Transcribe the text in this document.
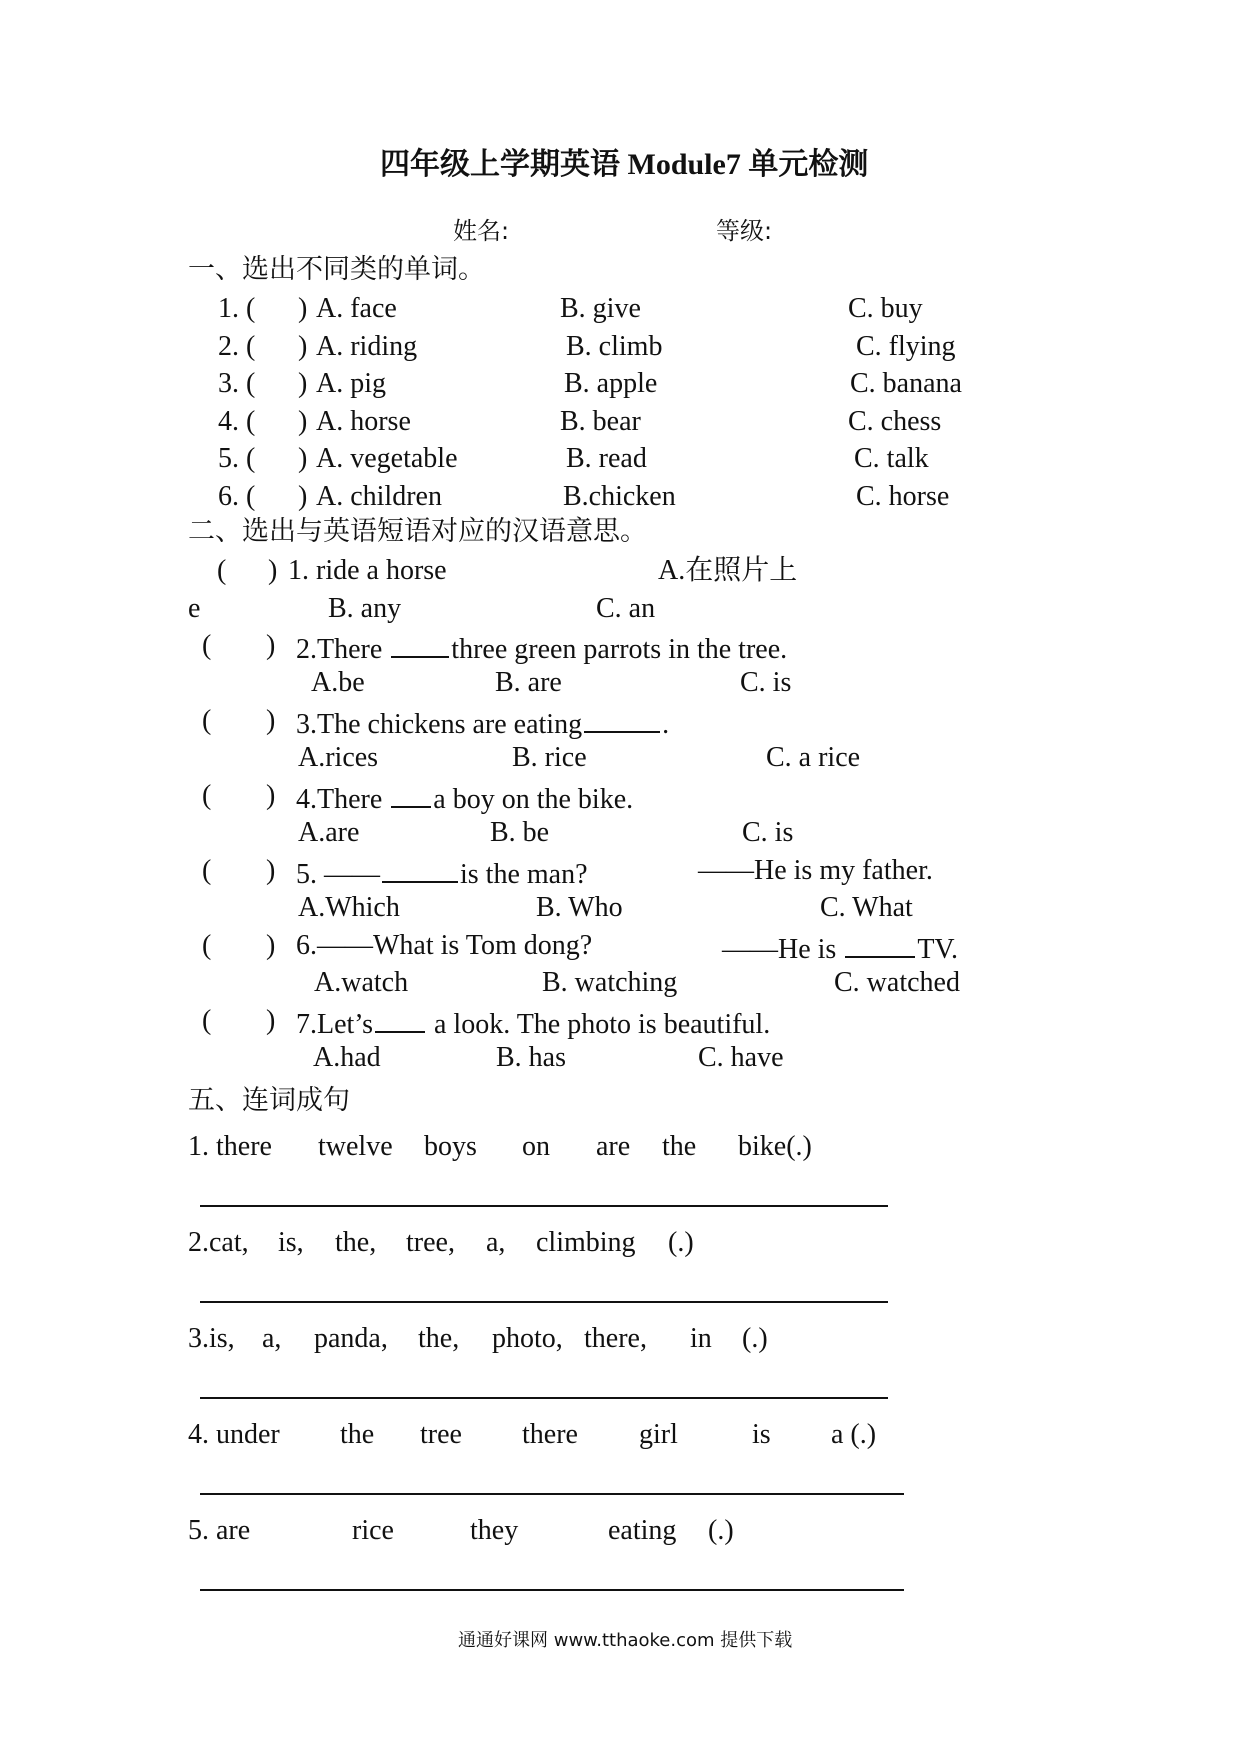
四年级上学期英语 Module7 单元检测
姓名:	等级:
一、选出不同类的单词。
1. ( ) A. face	B. give	C. buy
2. ( ) A. riding	B. climb	C. flying
3. ( ) A. pig	B. apple	C. banana
4. ( ) A. horse	B. bear	C. chess
5. ( ) A. vegetable	B. read	C. talk
6. ( ) A. children	B.chicken	C. horse
二、选出与英语短语对应的汉语意思。
( ) 1. ride a horse	A.在照片上
e	B. any	C. an
( ) 2.There three green parrots in the tree.
A.be	B. are	C. is
( ) 3.The chickens are eating	.
A.rices	B. rice	C. a rice
( ) 4.There a boy on the bike.
A.are	B. be	C. is
( ) 5. ——	is the man?	——He is my father.
A.Which	B. Who	C. What
( ) 6.——What is Tom dong?	——He is	TV.
A.watch	B. watching	C. watched
( ) 7.Let’s a look. The photo is beautiful.
A.had	B. has	C. have
五、连词成句
1. there twelve boys on are the bike(.)
2.cat, is, the, tree, a, climbing (.)
3.is, a, panda, the, photo, there, in (.)
4. under the tree there girl	is a (.)
5. are	rice	they	eating (.)
通通好课网 www.tthaoke.com 提供下载
